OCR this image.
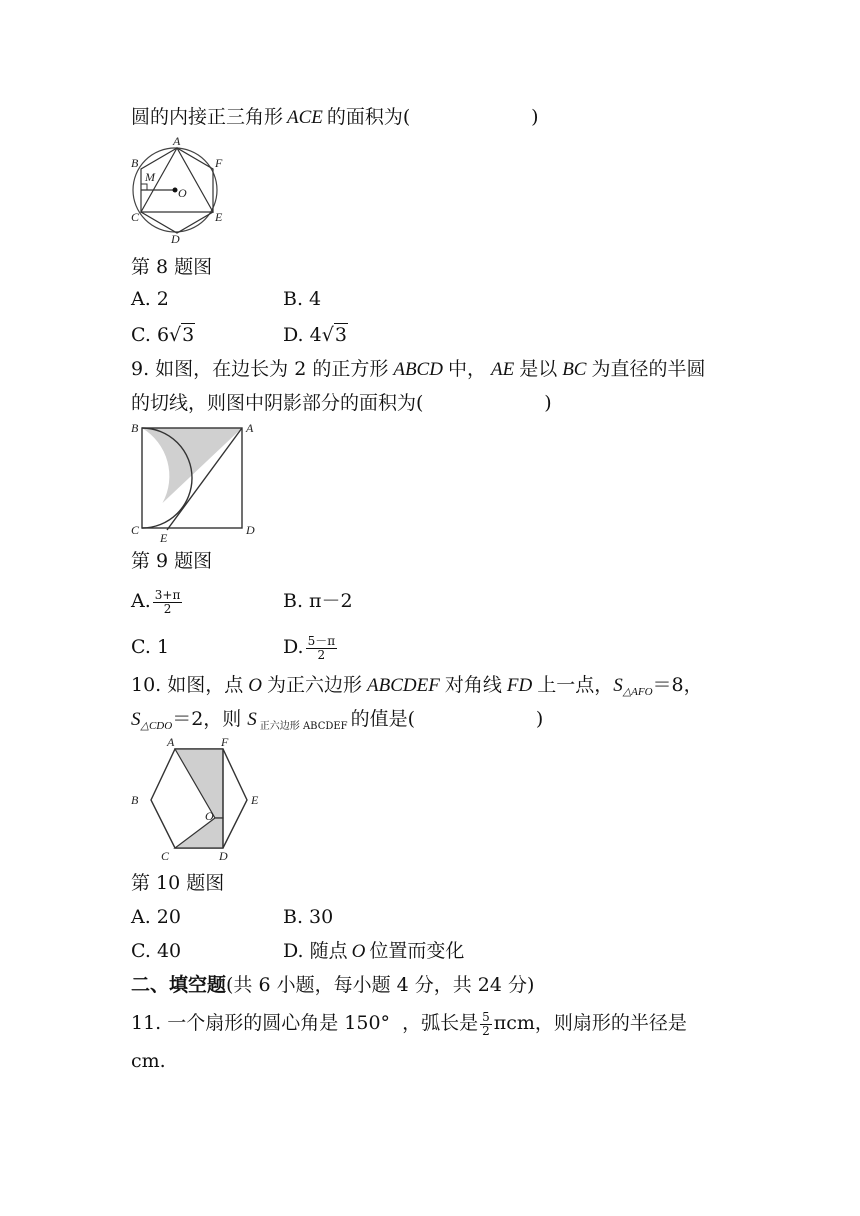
圆的内接正三角形 ACE 的面积为(                    )
A
B
C
D
E
F
M
O
第 8 题图
A. 2	B. 4
C. 6√3	D. 4√3
9. 如图，在边长为 2 的正方形 ABCD 中， AE 是以 BC 为直径的半圆
的切线，则图中阴影部分的面积为(                    )
B	A
C	D
E
第 9 题图
A. $\frac{3+\pi}{2}$	B. π－2
C. 1	D. $\frac{5-\pi}{2}$
10. 如图，点 O 为正六边形 ABCDEF 对角线 FD 上一点，$S_{\triangle AFO}=8$，
$S_{\triangle CDO}=2$，则 S $_{正六边形 ABCDEF}$ 的值是(                    )
A	F
B	E
C	D
O
第 10 题图
A. 20	B. 30
C. 40	D. 随点 O 位置而变化
二、填空题(共 6 小题，每小题 4 分，共 24 分)
11. 一个扇形的圆心角是 150°  ，弧长是 $\frac{5}{2}$ πcm，则扇形的半径是
cm.
